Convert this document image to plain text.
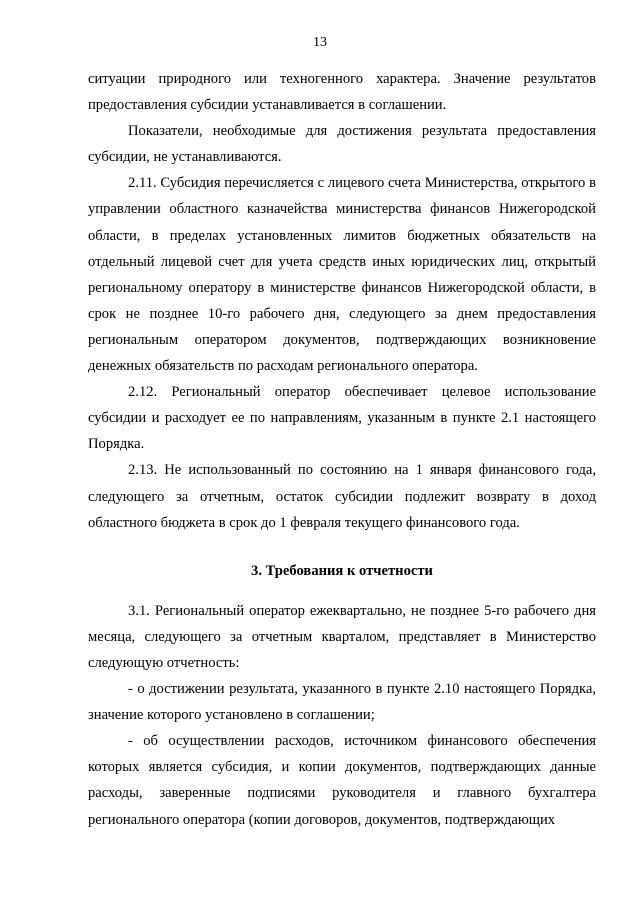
13

ситуации природного или техногенного характера. Значение результатов предоставления субсидии устанавливается в соглашении.

Показатели, необходимые для достижения результата предоставления субсидии, не устанавливаются.

2.11. Субсидия перечисляется с лицевого счета Министерства, открытого в управлении областного казначейства министерства финансов Нижегородской области, в пределах установленных лимитов бюджетных обязательств на отдельный лицевой счет для учета средств иных юридических лиц, открытый региональному оператору в министерстве финансов Нижегородской области, в срок не позднее 10-го рабочего дня, следующего за днем предоставления региональным оператором документов, подтверждающих возникновение денежных обязательств по расходам регионального оператора.

2.12. Региональный оператор обеспечивает целевое использование субсидии и расходует ее по направлениям, указанным в пункте 2.1 настоящего Порядка.

2.13. Не использованный по состоянию на 1 января финансового года, следующего за отчетным, остаток субсидии подлежит возврату в доход областного бюджета в срок до 1 февраля текущего финансового года.

3. Требования к отчетности

3.1. Региональный оператор ежеквартально, не позднее 5-го рабочего дня месяца, следующего за отчетным кварталом, представляет в Министерство следующую отчетность:

- о достижении результата, указанного в пункте 2.10 настоящего Порядка, значение которого установлено в соглашении;

- об осуществлении расходов, источником финансового обеспечения которых является субсидия, и копии документов, подтверждающих данные расходы, заверенные подписями руководителя и главного бухгалтера регионального оператора (копии договоров, документов, подтверждающих
